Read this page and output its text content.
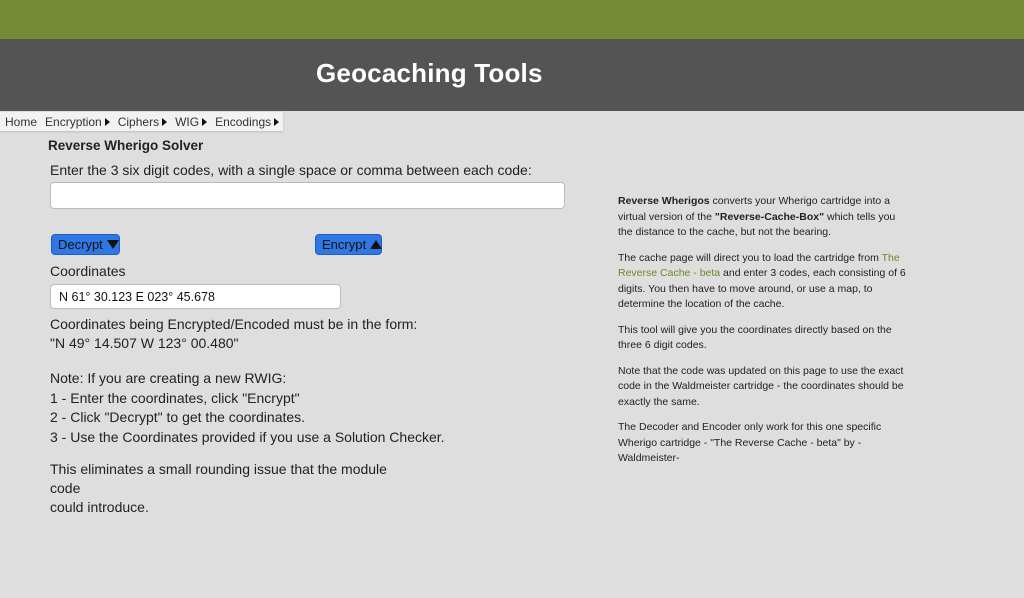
Geocaching Tools
Home Encryption Ciphers WIG Encodings
Reverse Wherigo Solver
Enter the 3 six digit codes, with a single space or comma between each code:
Decrypt	Encrypt
Coordinates
N 61° 30.123 E 023° 45.678
Coordinates being Encrypted/Encoded must be in the form:
"N 49° 14.507 W 123° 00.480"
Note: If you are creating a new RWIG:
1 - Enter the coordinates, click "Encrypt"
2 - Click "Decrypt" to get the coordinates.
3 - Use the Coordinates provided if you use a Solution Checker.
This eliminates a small rounding issue that the module code
could introduce.

Reverse Wherigos converts your Wherigo cartridge into a virtual version of the "Reverse-Cache-Box" which tells you the distance to the cache, but not the bearing.

The cache page will direct you to load the cartridge from The Reverse Cache - beta and enter 3 codes, each consisting of 6 digits. You then have to move around, or use a map, to determine the location of the cache.

This tool will give you the coordinates directly based on the three 6 digit codes.

Note that the code was updated on this page to use the exact code in the Waldmeister cartridge - the coordinates should be exactly the same.

The Decoder and Encoder only work for this one specific Wherigo cartridge - "The Reverse Cache - beta" by -Waldmeister-
